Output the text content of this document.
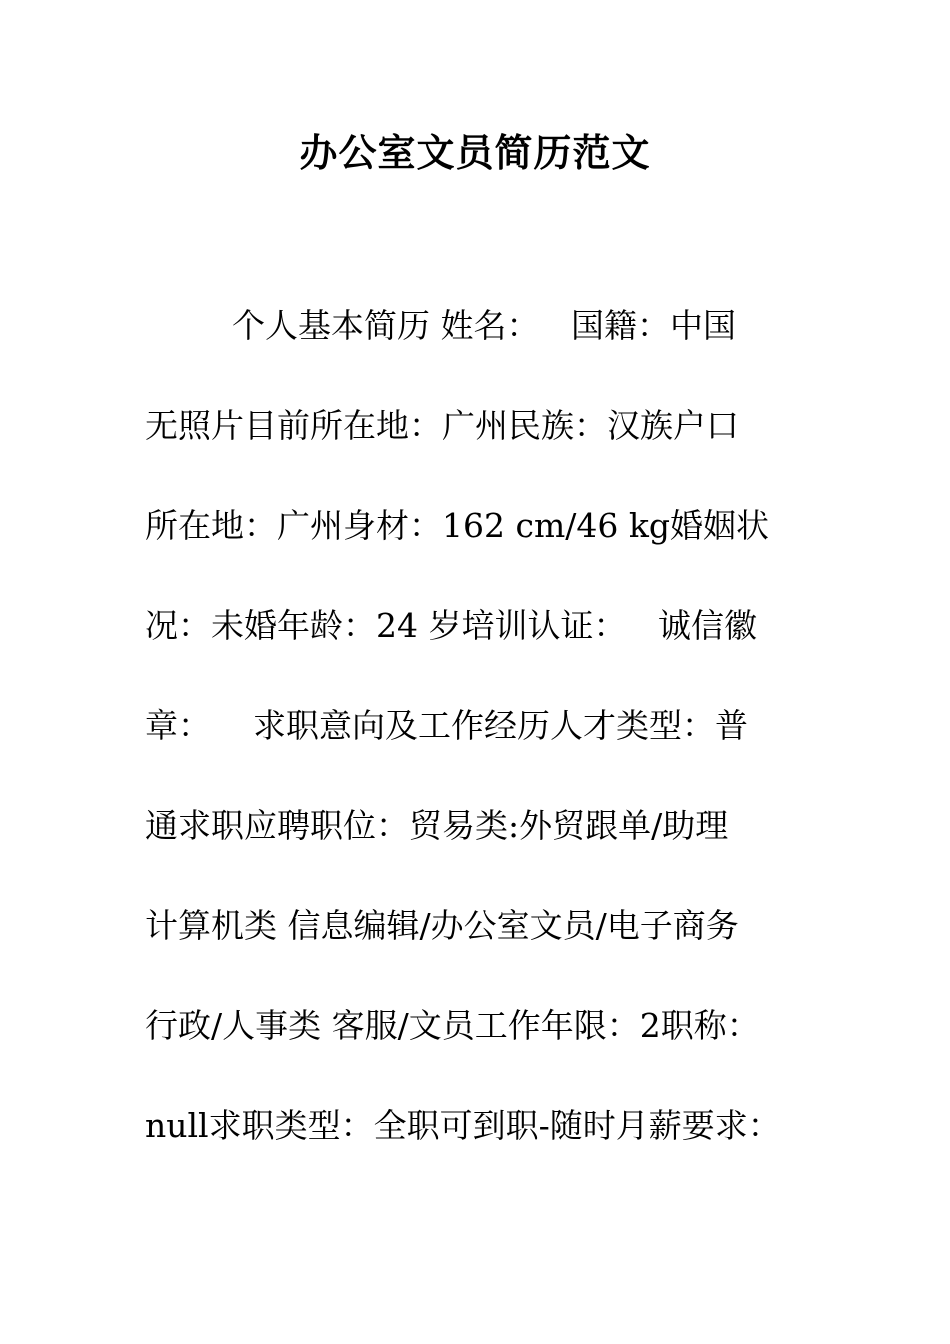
办公室文员简历范文
个人基本简历 姓名：   国籍：中国
无照片目前所在地：广州民族：汉族户口
所在地：广州身材：162 cm/46 kg婚姻状
况：未婚年龄：24 岁培训认证：   诚信徽
章：    求职意向及工作经历人才类型：普
通求职应聘职位：贸易类:外贸跟单/助理
计算机类 信息编辑/办公室文员/电子商务
行政/人事类 客服/文员工作年限：2职称：
null求职类型：全职可到职-随时月薪要求：
